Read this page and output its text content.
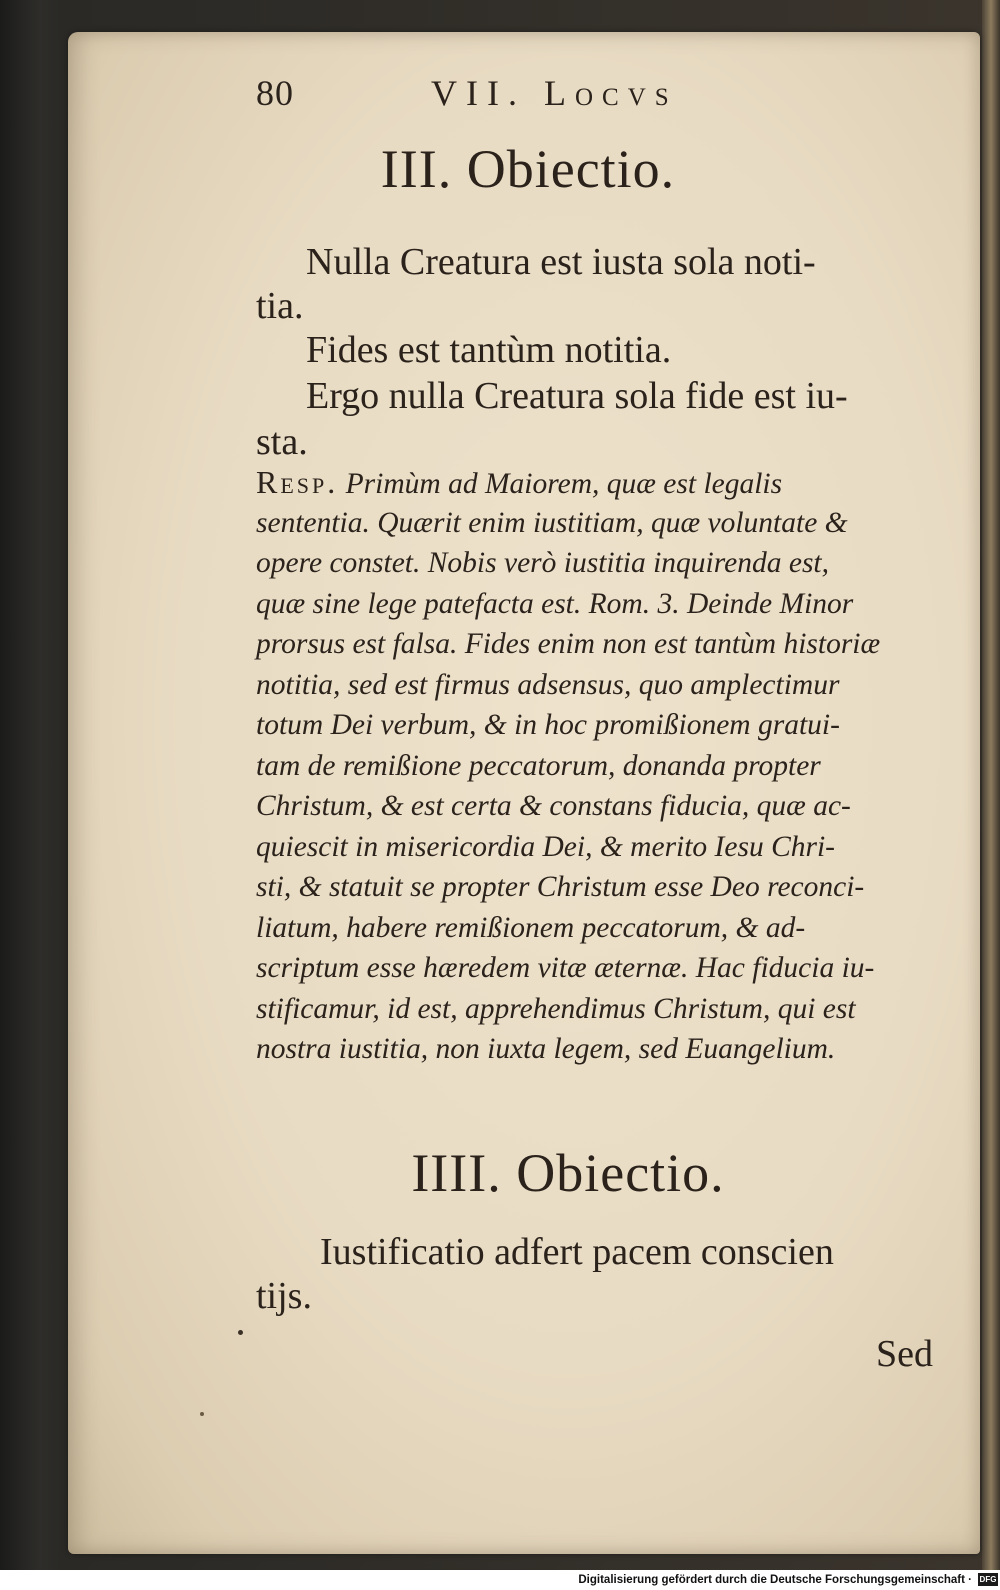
80	VII. Locvs
III. Obiectio.
Nulla Creatura est iusta sola noti-
tia.
Fides est tantùm notitia.
Ergo nulla Creatura sola fide est iu-
sta.
Resp. Primùm ad Maiorem, quæ est legalis
sententia. Quærit enim iustitiam, quæ voluntate &
opere constet. Nobis verò iustitia inquirenda est,
quæ sine lege patefacta est. Rom. 3. Deinde Minor
prorsus est falsa. Fides enim non est tantùm historiæ
notitia, sed est firmus adsensus, quo amplectimur
totum Dei verbum, & in hoc promißionem gratui-
tam de remißione peccatorum, donanda propter
Christum, & est certa & constans fiducia, quæ ac-
quiescit in misericordia Dei, & merito Iesu Chri-
sti, & statuit se propter Christum esse Deo reconci-
liatum, habere remißionem peccatorum, & ad-
scriptum esse hæredem vitæ æternæ. Hac fiducia iu-
stificamur, id est, apprehendimus Christum, qui est
nostra iustitia, non iuxta legem, sed Euangelium.
IIII. Obiectio.
Iustificatio adfert pacem conscien
tijs.
Sed
Digitalisierung gefördert durch die Deutsche Forschungsgemeinschaft · DFG
